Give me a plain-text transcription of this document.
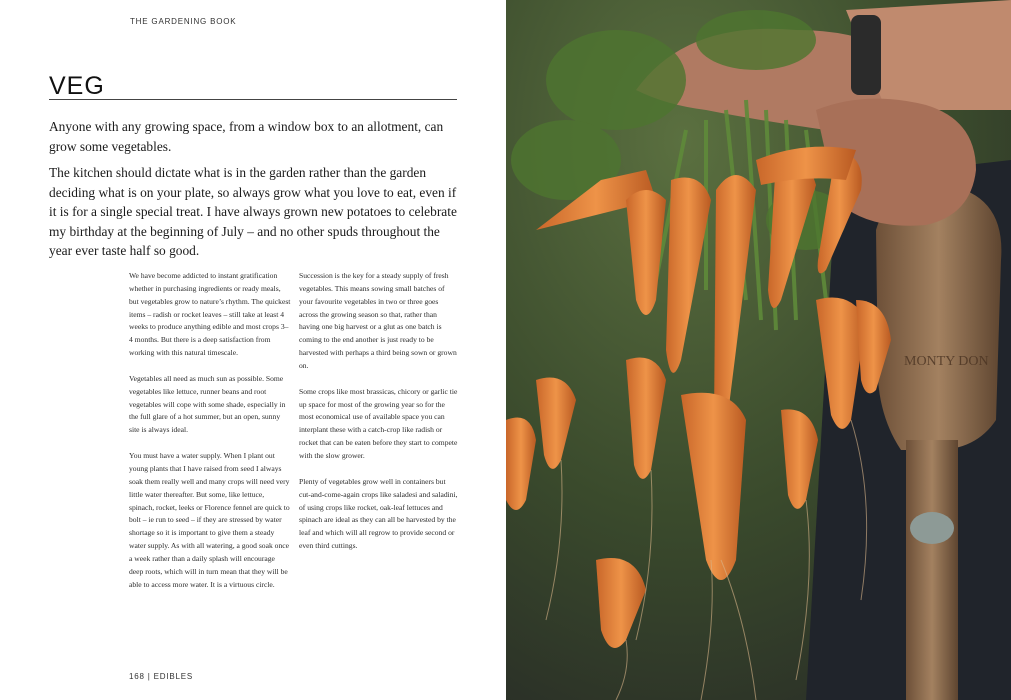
THE GARDENING BOOK
VEG

Anyone with any growing space, from a window box to an allotment, can grow some vegetables.

The kitchen should dictate what is in the garden rather than the garden deciding what is on your plate, so always grow what you love to eat, even if it is for a single special treat. I have always grown new potatoes to celebrate my birthday at the beginning of July – and no other spuds throughout the year ever taste half so good.

We have become addicted to instant gratification whether in purchasing ingredients or ready meals, but vegetables grow to nature’s rhythm. The quickest items – radish or rocket leaves – still take at least 4 weeks to produce anything edible and most crops 3–4 months. But there is a deep satisfaction from working with this natural timescale.

Vegetables all need as much sun as possible. Some vegetables like lettuce, runner beans and root vegetables will cope with some shade, especially in the full glare of a hot summer, but an open, sunny site is always ideal.

You must have a water supply. When I plant out young plants that I have raised from seed I always soak them really well and many crops will need very little water thereafter. But some, like lettuce, spinach, rocket, leeks or Florence fennel are quick to bolt – ie run to seed – if they are stressed by water shortage so it is important to give them a steady water supply. As with all watering, a good soak once a week rather than a daily splash will encourage deep roots, which will in turn mean that they will be able to access more water. It is a virtuous circle.

Succession is the key for a steady supply of fresh vegetables. This means sowing small batches of your favourite vegetables in two or three goes across the growing season so that, rather than having one big harvest or a glut as one batch is coming to the end another is just ready to be harvested with perhaps a third being sown or grown on.

Some crops like most brassicas, chicory or garlic tie up space for most of the growing year so for the most economical use of available space you can interplant these with a catch-crop like radish or rocket that can be eaten before they start to compete with the slow grower.

Plenty of vegetables grow well in containers but cut-and-come-again crops like saladesi and saladini, of using crops like rocket, oak-leaf lettuces and spinach are ideal as they can all be harvested by the leaf and which will all regrow to provide second or even third cuttings.

168 | EDIBLES
MONTY DON
